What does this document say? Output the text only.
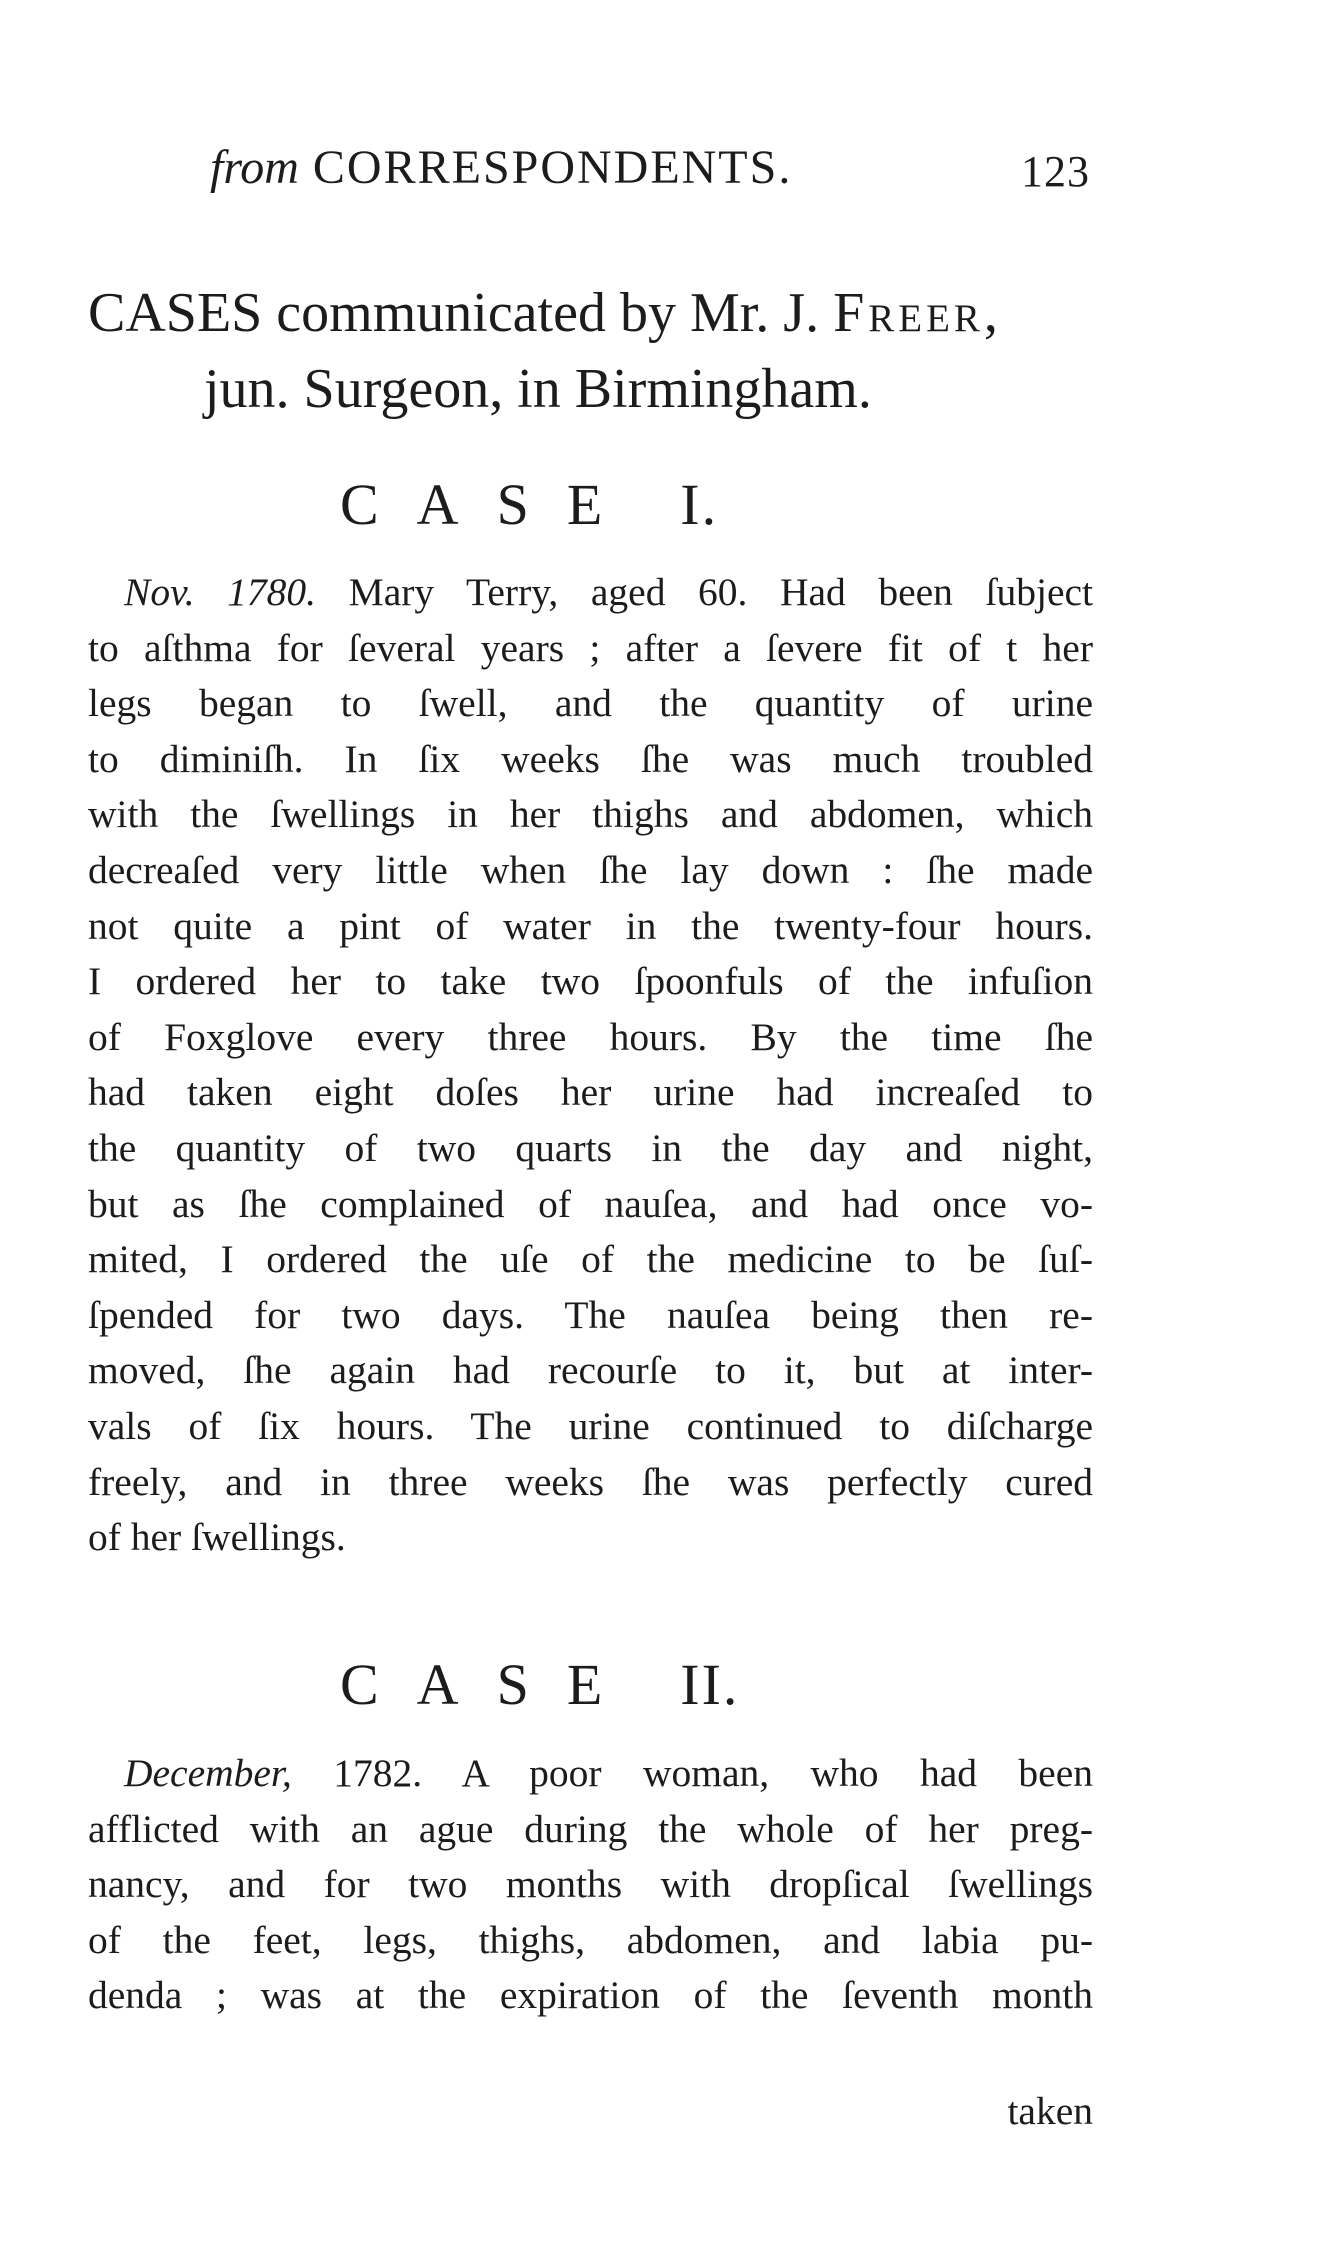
from CORRESPONDENTS.	123
CASES communicated by Mr. J. Freer,
jun. Surgeon, in Birmingham.
CASE I.
Nov. 1780. Mary Terry, aged 60. Had been ſubject
to aſthma for ſeveral years ; after a ſevere fit of t her
legs began to ſwell, and the quantity of urine
to diminiſh. In ſix weeks ſhe was much troubled
with the ſwellings in her thighs and abdomen, which
decreaſed very little when ſhe lay down : ſhe made
not quite a pint of water in the twenty-four hours.
I ordered her to take two ſpoonfuls of the infuſion
of Foxglove every three hours. By the time ſhe
had taken eight doſes her urine had increaſed to
the quantity of two quarts in the day and night,
but as ſhe complained of nauſea, and had once vo-
mited, I ordered the uſe of the medicine to be ſuſ-
ſpended for two days. The nauſea being then re-
moved, ſhe again had recourſe to it, but at inter-
vals of ſix hours. The urine continued to diſcharge
freely, and in three weeks ſhe was perfectly cured
of her ſwellings.
CASE II.
December, 1782. A poor woman, who had been
afflicted with an ague during the whole of her preg-
nancy, and for two months with dropſical ſwellings
of the feet, legs, thighs, abdomen, and labia pu-
denda ; was at the expiration of the ſeventh month
taken
